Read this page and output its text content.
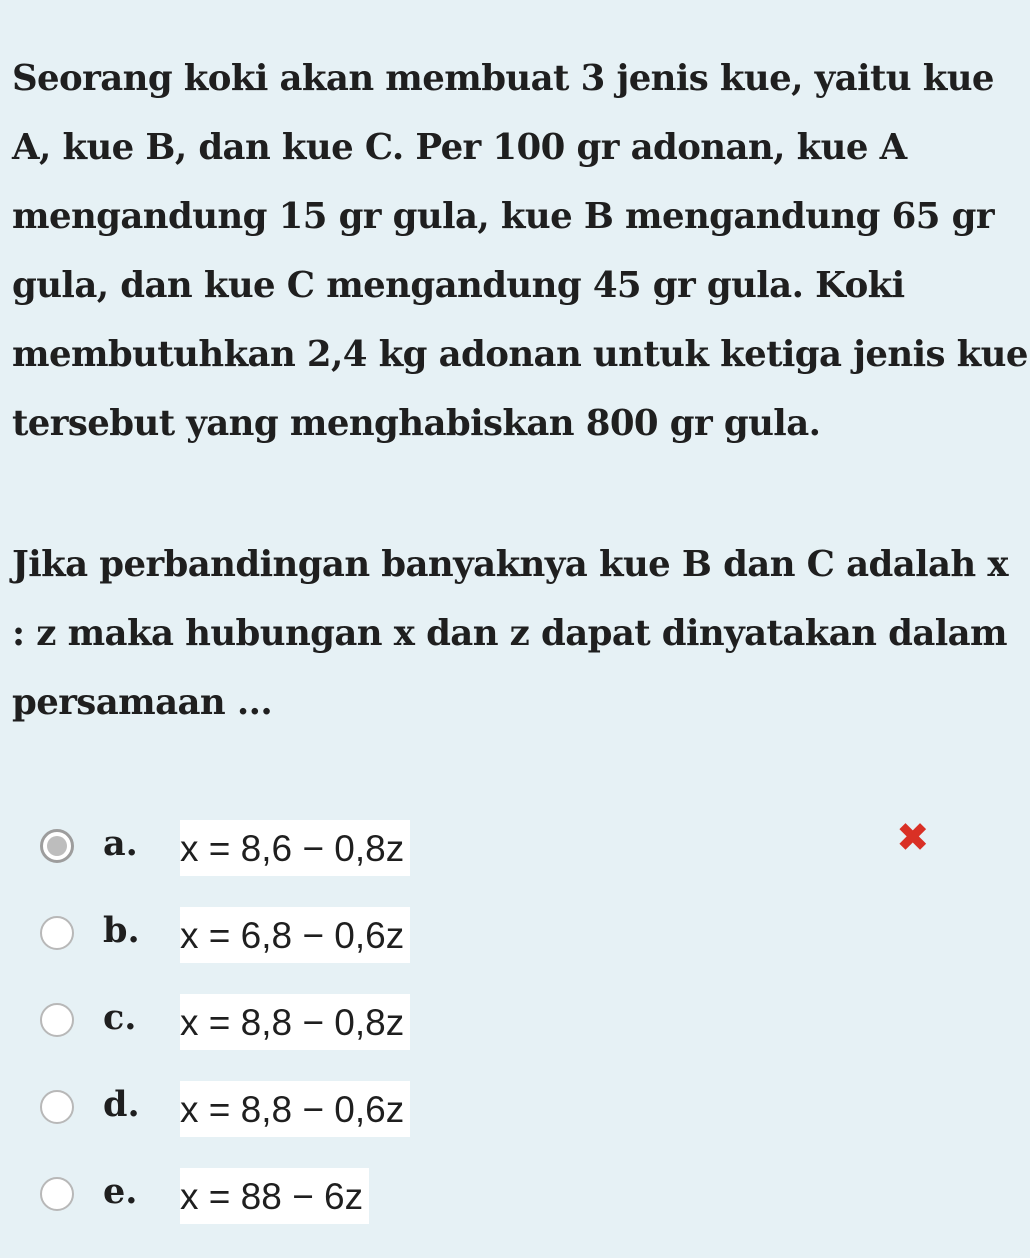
Seorang koki akan membuat 3 jenis kue, yaitu kue A, kue B, dan kue C. Per 100 gr adonan, kue A mengandung 15 gr gula, kue B mengandung 65 gr gula, dan kue C mengandung 45 gr gula. Koki membutuhkan 2,4 kg adonan untuk ketiga jenis kue tersebut yang menghabiskan 800 gr gula.

Jika perbandingan banyaknya kue B dan C adalah x : z maka hubungan x dan z dapat dinyatakan dalam persamaan ...

a. x = 8,6 − 0,8z	✖
b. x = 6,8 − 0,6z
c. x = 8,8 − 0,8z
d. x = 8,8 − 0,6z
e. x = 88 − 6z
